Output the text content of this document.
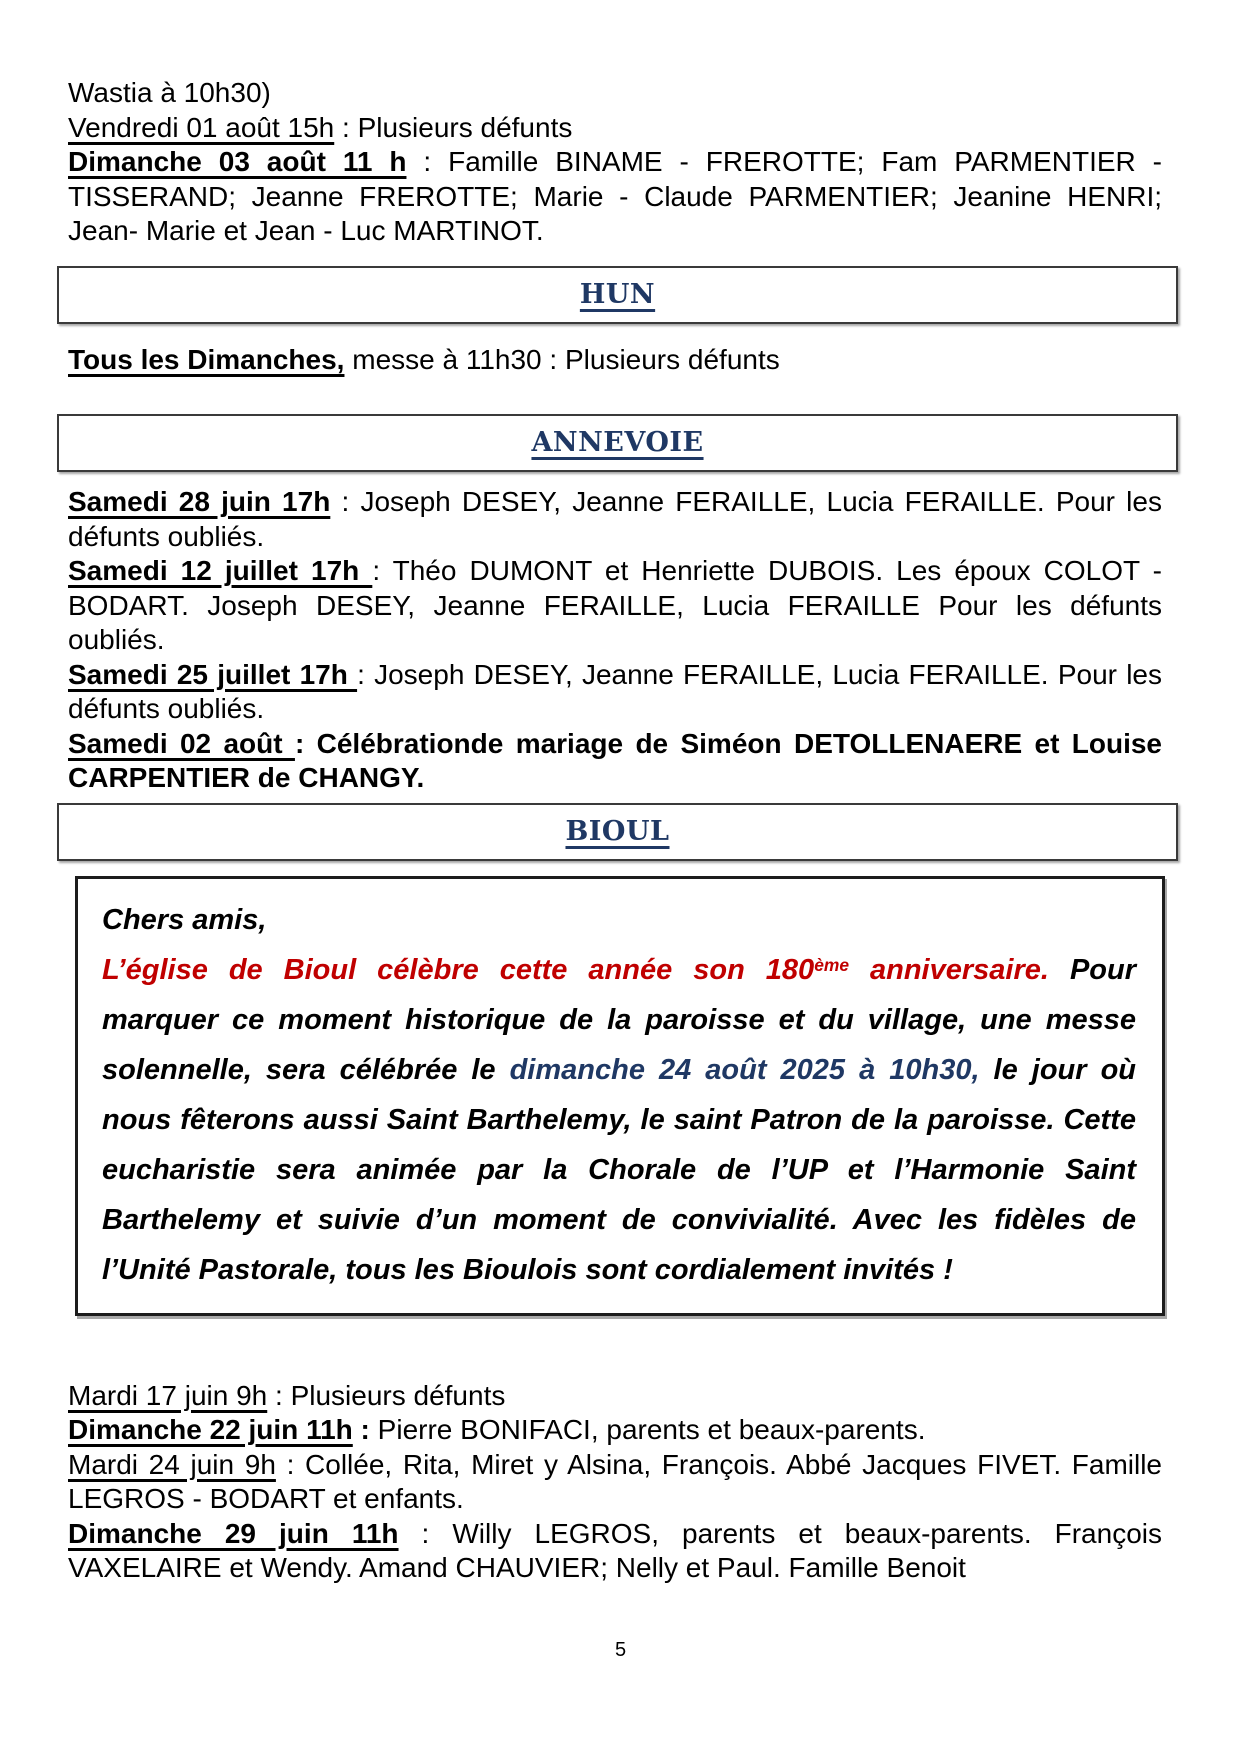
Wastia à 10h30)

Vendredi 01 août 15h : Plusieurs défunts

Dimanche 03 août 11 h : Famille BINAME - FREROTTE; Fam PARMENTIER - TISSERAND; Jeanne FREROTTE; Marie - Claude PARMENTIER; Jeanine HENRI; Jean- Marie et Jean - Luc MARTINOT.

HUN

Tous les Dimanches, messe à 11h30 : Plusieurs défunts

ANNEVOIE

Samedi 28 juin 17h : Joseph DESEY, Jeanne FERAILLE, Lucia FERAILLE. Pour les défunts oubliés.

Samedi 12 juillet 17h : Théo DUMONT et Henriette DUBOIS. Les époux COLOT - BODART. Joseph DESEY, Jeanne FERAILLE, Lucia FERAILLE Pour les défunts oubliés.

Samedi 25 juillet 17h : Joseph DESEY, Jeanne FERAILLE, Lucia FERAILLE. Pour les défunts oubliés.

Samedi 02 août : Célébrationde mariage de Siméon DETOLLENAERE et Louise CARPENTIER de CHANGY.

BIOUL

Chers amis,

L’église de Bioul célèbre cette année son 180ème anniversaire. Pour marquer ce moment historique de la paroisse et du village, une messe solennelle, sera célébrée le dimanche 24 août 2025 à 10h30, le jour où nous fêterons aussi Saint Barthelemy, le saint Patron de la paroisse. Cette eucharistie sera animée par la Chorale de l’UP et l’Harmonie Saint Barthelemy et suivie d’un moment de convivialité. Avec les fidèles de l’Unité Pastorale, tous les Bioulois sont cordialement invités !

Mardi 17 juin 9h : Plusieurs défunts

Dimanche 22 juin 11h : Pierre BONIFACI, parents et beaux-parents.

Mardi 24 juin 9h : Collée, Rita, Miret y Alsina, François. Abbé Jacques FIVET. Famille LEGROS - BODART et enfants.

Dimanche 29 juin 11h : Willy LEGROS, parents et beaux-parents. François VAXELAIRE et Wendy. Amand CHAUVIER; Nelly et Paul. Famille Benoit

5
